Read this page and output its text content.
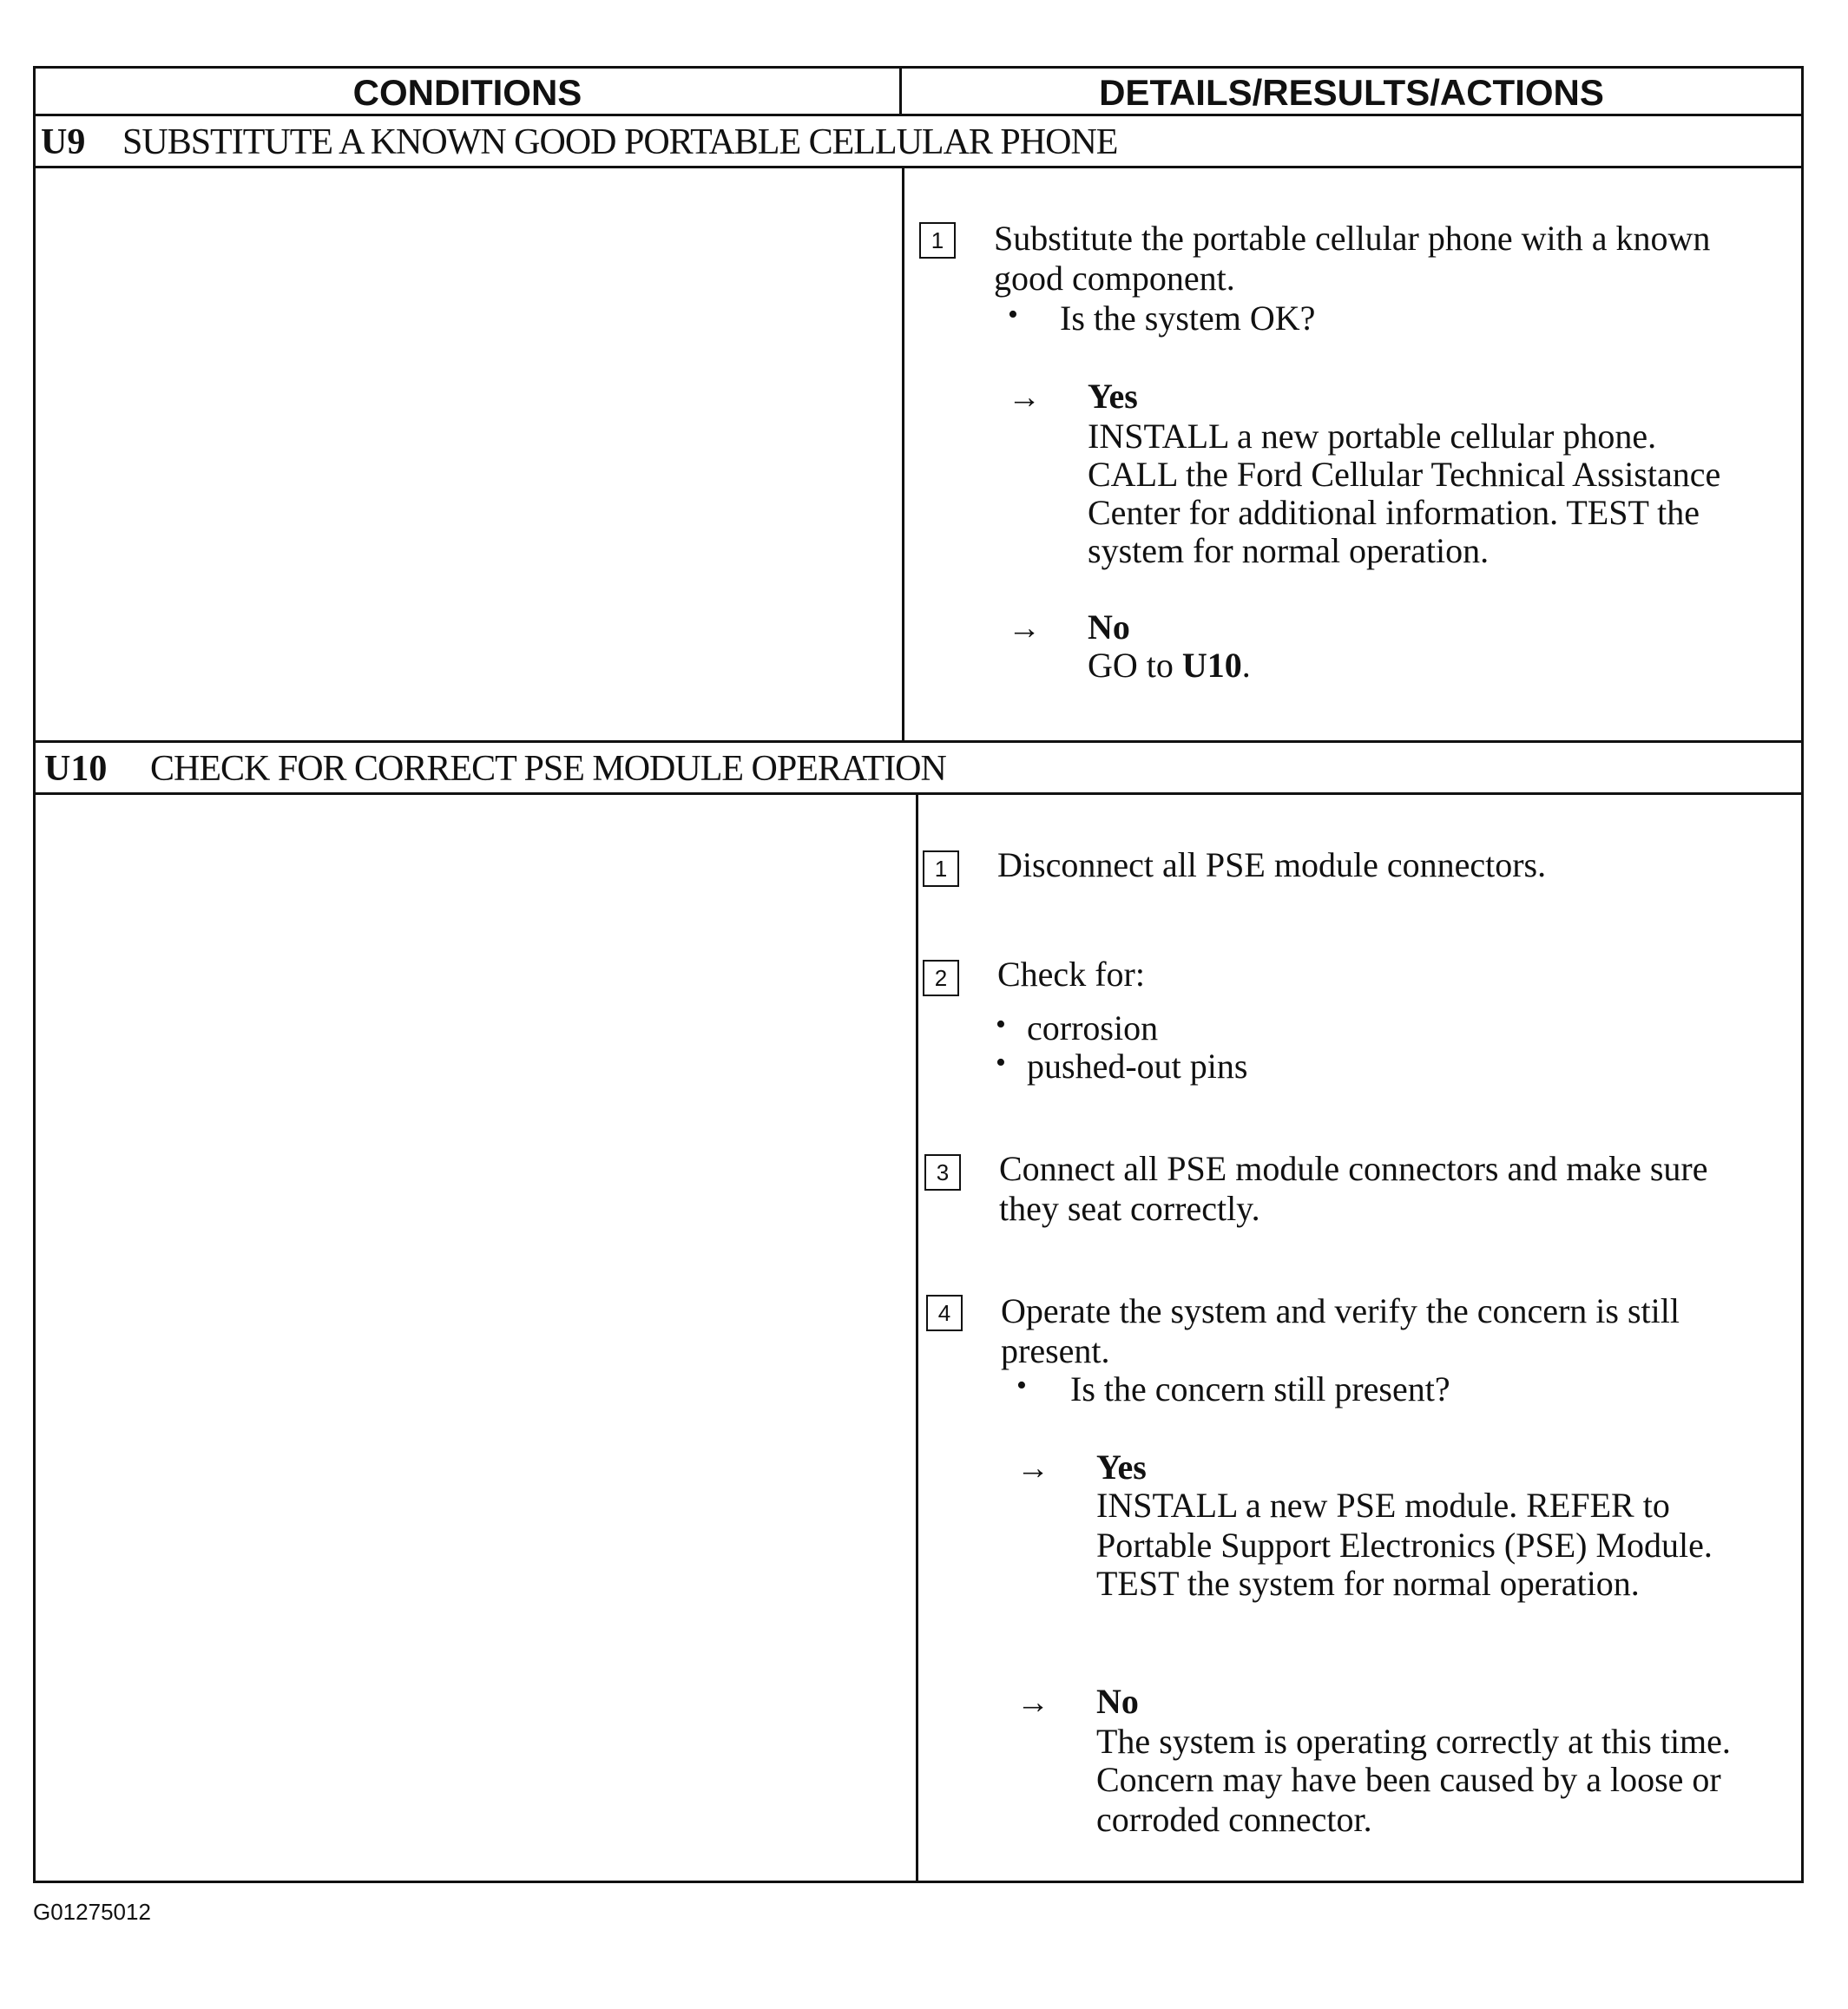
CONDITIONS	DETAILS/RESULTS/ACTIONS
U9 SUBSTITUTE A KNOWN GOOD PORTABLE CELLULAR PHONE
1	Substitute the portable cellular phone with a known
good component.
• Is the system OK?
→ Yes
INSTALL a new portable cellular phone.
CALL the Ford Cellular Technical Assistance
Center for additional information. TEST the
system for normal operation.
→ No
GO to U10.
U10 CHECK FOR CORRECT PSE MODULE OPERATION
1	Disconnect all PSE module connectors.
2	Check for:
• corrosion
• pushed-out pins
3	Connect all PSE module connectors and make sure
they seat correctly.
4	Operate the system and verify the concern is still
present.
• Is the concern still present?
→ Yes
INSTALL a new PSE module. REFER to
Portable Support Electronics (PSE) Module.
TEST the system for normal operation.
→ No
The system is operating correctly at this time.
Concern may have been caused by a loose or
corroded connector.
G01275012
